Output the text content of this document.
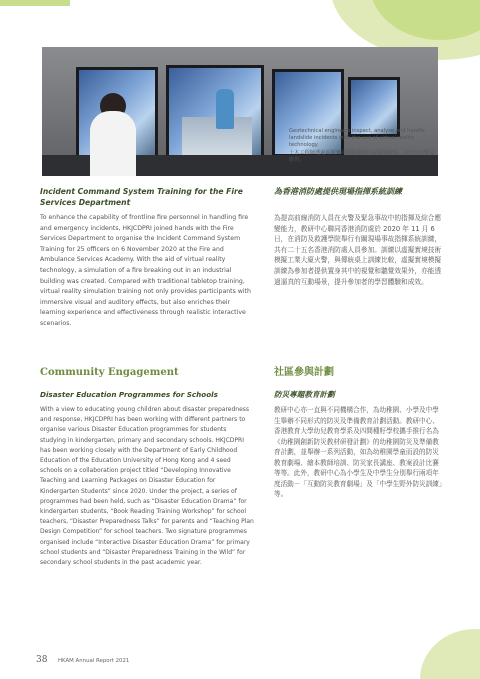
Geotechnical engineers inspect, analyse and handle landslide incidents with the use of virtual reality technology.

土木工程師透過虛擬實境技術勘察山泥傾瀉情況，並作出分析及應對。

Incident Command System Training for the Fire Services Department
為香港消防處提供現場指揮系統訓練

To enhance the capability of frontline fire personnel in handling fire and emergency incidents, HKJCDPRI joined hands with the Fire Services Department to organise the Incident Command System Training for 25 officers on 6 November 2020 at the Fire and Ambulance Services Academy. With the aid of virtual reality technology, a simulation of a fire breaking out in an industrial building was created. Compared with traditional tabletop training, virtual reality simulation training not only provides participants with immersive visual and auditory effects, but also enriches their learning experience and effectiveness through realistic interactive scenarios.

為提高前線消防人員在火警及緊急事故中的指揮及綜合應變能力，教研中心聯同香港消防處於 2020 年 11 月 6 日，在消防及救護學院舉行有關現場事故指揮系統訓練，共有二十五名香港消防處人員參加。訓練以虛擬實境技術模擬工業大廈火警，與傳統桌上訓練比較，虛擬實境模擬訓練為參加者提供置身其中的視覺和聽覺效果外，亦能透過逼真的互動場景，提升參加者的學習體驗和成效。

Community Engagement	社區參與計劃
Disaster Education Programmes for Schools	防災專題教育計劃

With a view to educating young children about disaster preparedness and response, HKJCDPRI has been working with different partners to organise various Disaster Education programmes for students studying in kindergarten, primary and secondary schools. HKJCDPRI has been working closely with the Department of Early Childhood Education of the Education University of Hong Kong and 4 seed schools on a collaboration project titled “Developing Innovative Teaching and Learning Packages on Disaster Education for Kindergarten Students” since 2020. Under the project, a series of programmes had been held, such as “Disaster Education Drama” for kindergarten students, “Book Reading Training Workshop” for school teachers, “Disaster Preparedness Talks” for parents and “Teaching Plan Design Competition” for school teachers. Two signature programmes organised include “Interactive Disaster Education Drama” for primary school students and “Disaster Preparedness Training in the Wild” for secondary school students in the past academic year.

教研中心亦一直與不同機構合作，為幼稚園、小學及中學生舉辦不同形式的防災及準備教育計劃活動。教研中心、香港教育大學幼兒教育學系及四間種籽學校攜手推行名為《幼稚園創新防災教材研發計劃》的幼稚園防災及準備教育計劃，並舉辦一系列活動，如為幼稚園學童而設的防災教育劇場、繪本教師培訓、防災家長講座、教案設計比賽等等。此外，教研中心為小學生及中學生分別舉行兩項年度活動－「互動防災教育劇場」及「中學生野外防災訓練」等。

38 HKAM Annual Report 2021
